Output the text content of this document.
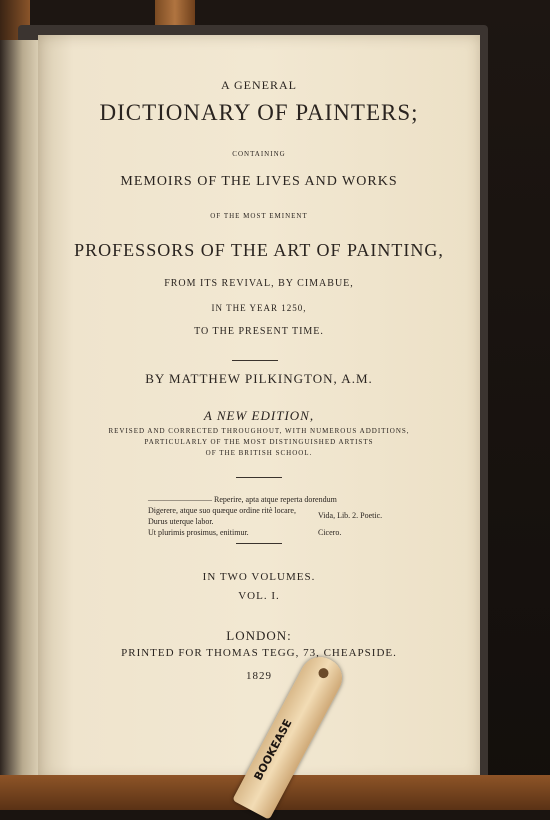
A GENERAL
DICTIONARY OF PAINTERS;
CONTAINING
MEMOIRS OF THE LIVES AND WORKS
OF THE MOST EMINENT
PROFESSORS OF THE ART OF PAINTING,
FROM ITS REVIVAL, BY CIMABUE,
IN THE YEAR 1250,
TO THE PRESENT TIME.
BY MATTHEW PILKINGTON, A.M.
A NEW EDITION,
REVISED AND CORRECTED THROUGHOUT, WITH NUMEROUS ADDITIONS,
PARTICULARLY OF THE MOST DISTINGUISHED ARTISTS
OF THE BRITISH SCHOOL.
———————— Reperire, apta atque reperta dorendum
Digerere, atque suo quæque ordine ritè locare,
Durus uterque labor.
Vida, Lib. 2. Poetic.
Ut plurimis prosimus, enitimur.	Cicero.
IN TWO VOLUMES.
VOL. I.
LONDON:
PRINTED FOR THOMAS TEGG, 73, CHEAPSIDE.
1829
BOOKEASE
